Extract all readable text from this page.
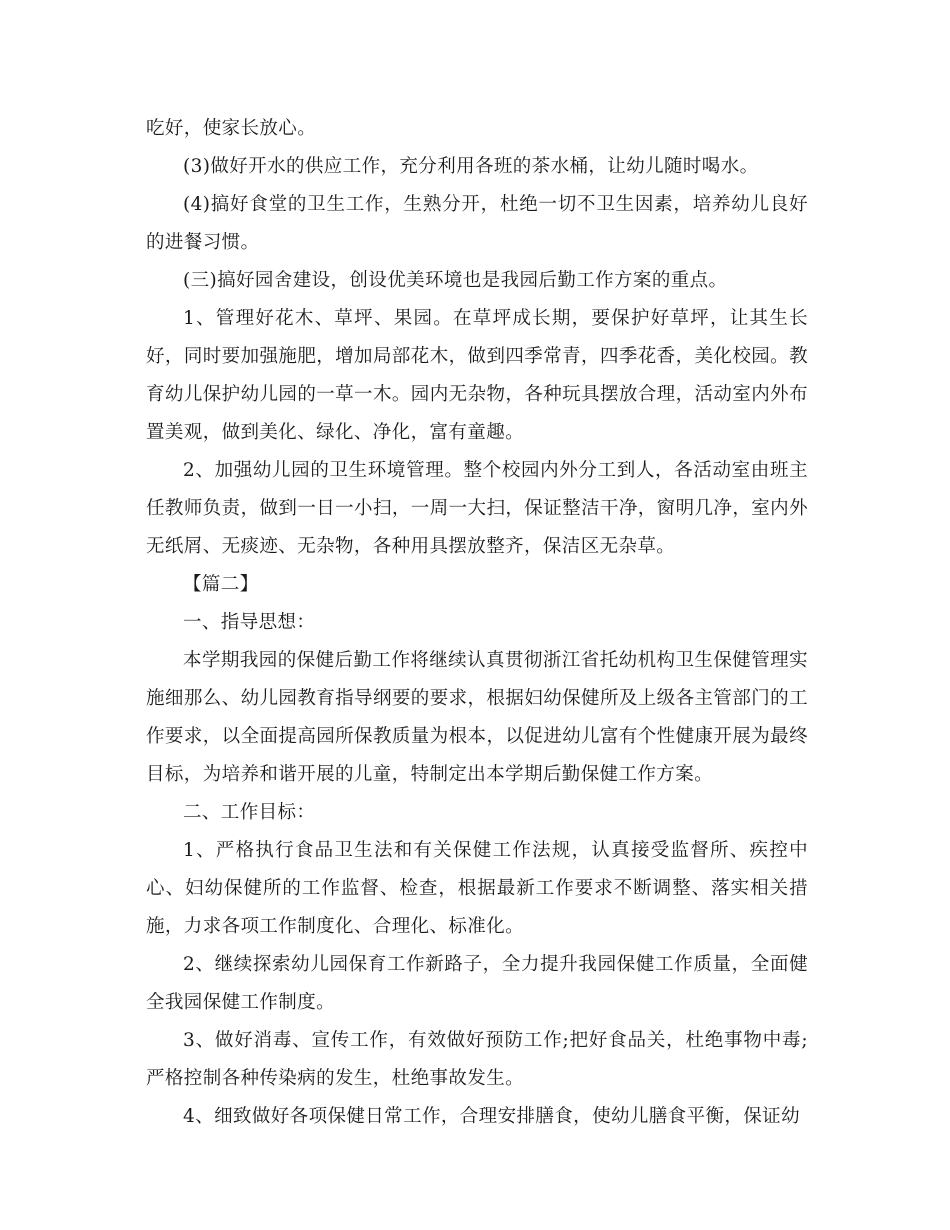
吃好，使家长放心。

(3)做好开水的供应工作，充分利用各班的茶水桶，让幼儿随时喝水。

(4)搞好食堂的卫生工作，生熟分开，杜绝一切不卫生因素，培养幼儿良好的进餐习惯。

(三)搞好园舍建设，创设优美环境也是我园后勤工作方案的重点。

1、管理好花木、草坪、果园。在草坪成长期，要保护好草坪，让其生长好，同时要加强施肥，增加局部花木，做到四季常青，四季花香，美化校园。教育幼儿保护幼儿园的一草一木。园内无杂物，各种玩具摆放合理，活动室内外布置美观，做到美化、绿化、净化，富有童趣。

2、加强幼儿园的卫生环境管理。整个校园内外分工到人，各活动室由班主任教师负责，做到一日一小扫，一周一大扫，保证整洁干净，窗明几净，室内外无纸屑、无痰迹、无杂物，各种用具摆放整齐，保洁区无杂草。

【篇二】

一、指导思想：

本学期我园的保健后勤工作将继续认真贯彻浙江省托幼机构卫生保健管理实施细那么、幼儿园教育指导纲要的要求，根据妇幼保健所及上级各主管部门的工作要求，以全面提高园所保教质量为根本，以促进幼儿富有个性健康开展为最终目标，为培养和谐开展的儿童，特制定出本学期后勤保健工作方案。

二、工作目标：

1、严格执行食品卫生法和有关保健工作法规，认真接受监督所、疾控中心、妇幼保健所的工作监督、检查，根据最新工作要求不断调整、落实相关措施，力求各项工作制度化、合理化、标准化。

2、继续探索幼儿园保育工作新路子，全力提升我园保健工作质量，全面健全我园保健工作制度。

3、做好消毒、宣传工作，有效做好预防工作;把好食品关，杜绝事物中毒;严格控制各种传染病的发生，杜绝事故发生。

4、细致做好各项保健日常工作，合理安排膳食，使幼儿膳食平衡，保证幼
